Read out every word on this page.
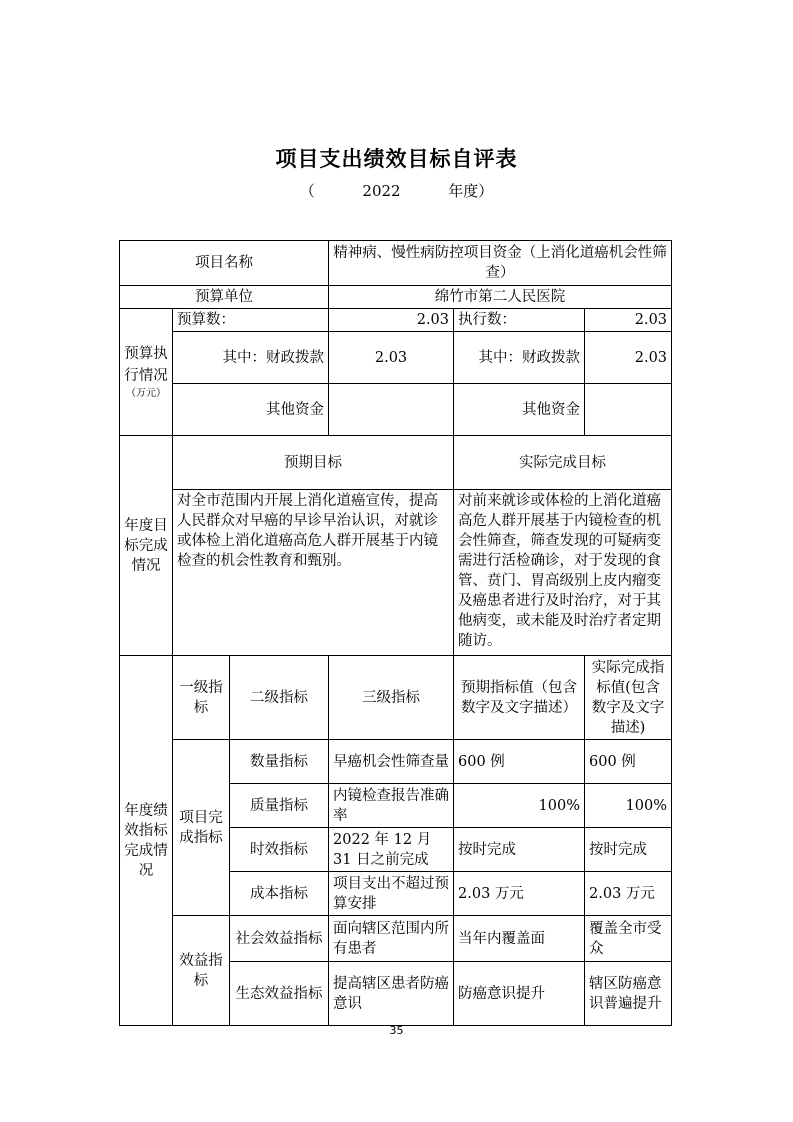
项目支出绩效目标自评表
（          2022          年度）
项目名称			精神病、慢性病防控项目资金（上消化道癌机会性筛查）		
预算单位			绵竹市第二人民医院		

预算执行情况
（万元）	预算数：		2.03	执行数：	2.03
	其中：财政拨款		2.03	其中：财政拨款	2.03
	其他资金			其他资金	
年度目标完成情况	预期目标			实际完成目标	
	对全市范围内开展上消化道癌宣传，提高人民群众对早癌的早诊早治认识，对就诊或体检上消化道癌高危人群开展基于内镜检查的机会性教育和甄别。			对前来就诊或体检的上消化道癌高危人群开展基于内镜检查的机会性筛查，筛查发现的可疑病变需进行活检确诊，对于发现的食管、贲门、胃高级别上皮内瘤变及癌患者进行及时治疗，对于其他病变，或未能及时治疗者定期随访。	
年度绩效指标完成情况	一级指标	二级指标	三级指标	预期指标值（包含数字及文字描述）	实际完成指标值(包含数字及文字描述)
	项目完成指标	数量指标	早癌机会性筛查量	600 例	600 例
		质量指标	内镜检查报告准确率	100%	100%
		时效指标	2022 年 12 月 31 日之前完成	按时完成	按时完成
		成本指标	项目支出不超过预算安排	2.03 万元	2.03 万元
	效益指标	社会效益指标	面向辖区范围内所有患者	当年内覆盖面	覆盖全市受众
		生态效益指标	提高辖区患者防癌意识	防癌意识提升	辖区防癌意识普遍提升
35
